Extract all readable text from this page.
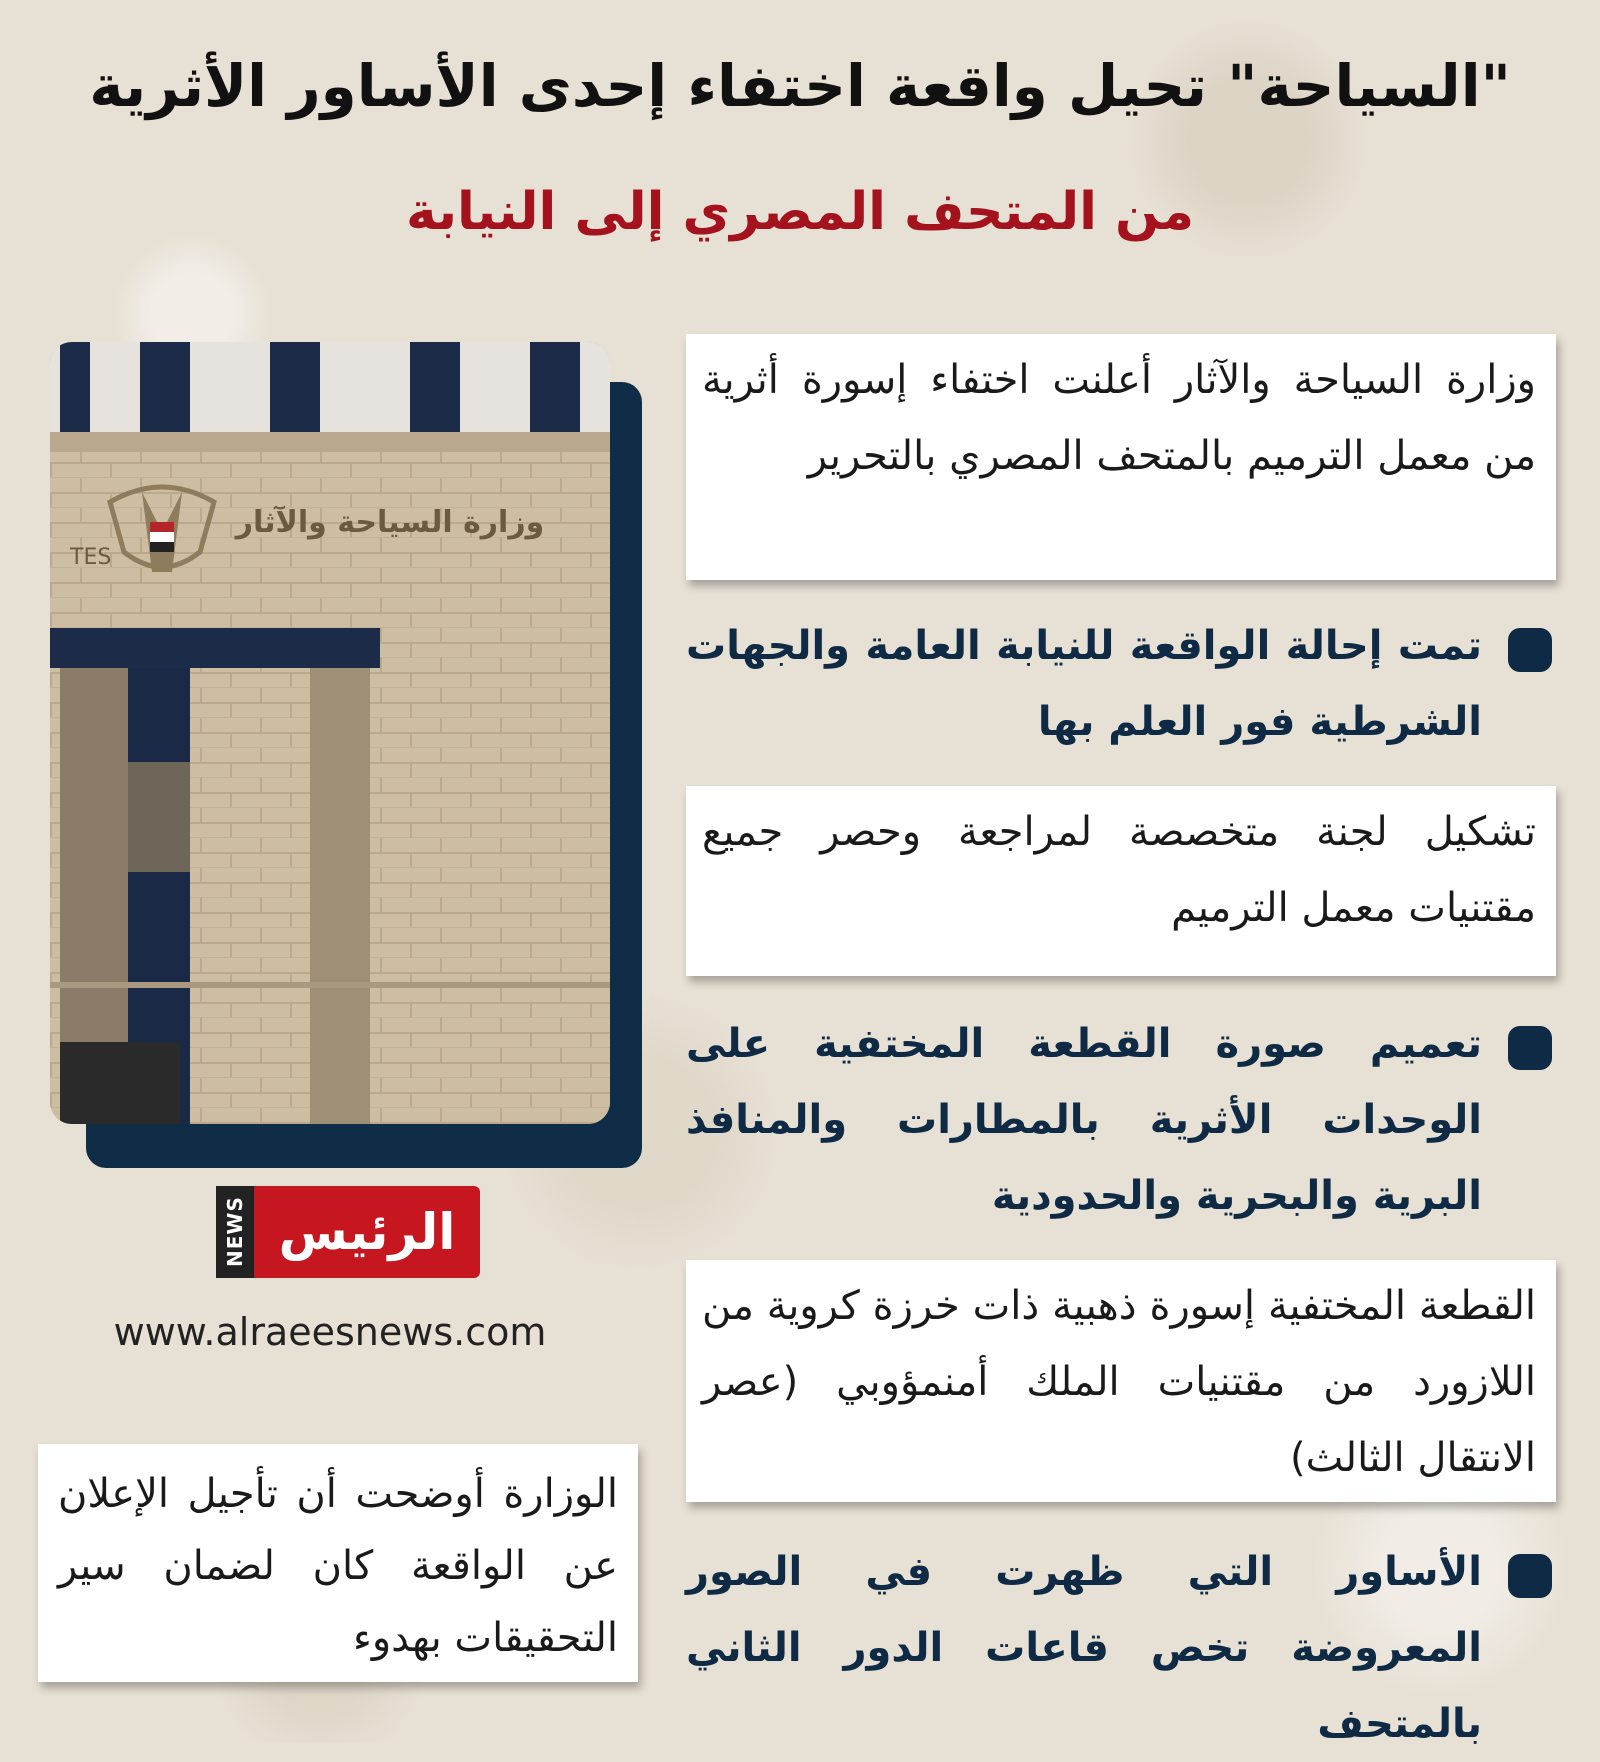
"السياحة" تحيل واقعة اختفاء إحدى الأساور الأثرية
من المتحف المصري إلى النيابة
وزارة السياحة والآثار
TES
NEWS الرئيس
www.alraeesnews.com
الوزارة أوضحت أن تأجيل الإعلان عن الواقعة كان لضمان سير التحقيقات بهدوء
وزارة السياحة والآثار أعلنت اختفاء إسورة أثرية من معمل الترميم بالمتحف المصري بالتحرير
تمت إحالة الواقعة للنيابة العامة والجهات الشرطية فور العلم بها
تشكيل لجنة متخصصة لمراجعة وحصر جميع مقتنيات معمل الترميم
تعميم صورة القطعة المختفية على الوحدات الأثرية بالمطارات والمنافذ البرية والبحرية والحدودية
القطعة المختفية إسورة ذهبية ذات خرزة كروية من اللازورد من مقتنيات الملك أمنمؤوبي (عصر الانتقال الثالث)
الأساور التي ظهرت في الصور المعروضة تخص قاعات الدور الثاني بالمتحف
